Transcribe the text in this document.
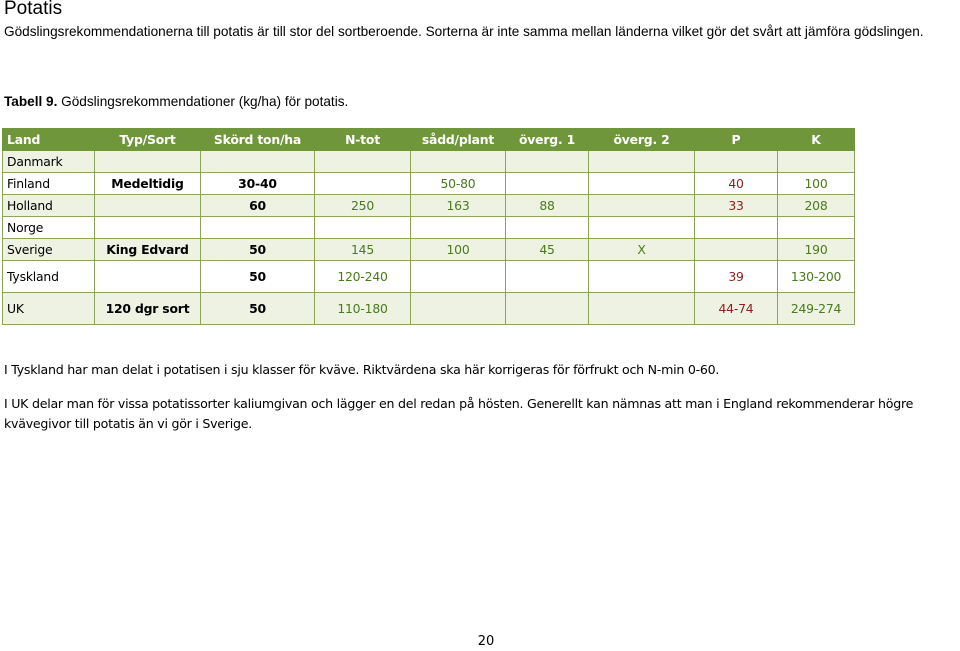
Potatis
Gödslingsrekommendationerna till potatis är till stor del sortberoende. Sorterna är inte samma mellan länderna vilket gör det svårt att jämföra gödslingen.
Tabell 9. Gödslingsrekommendationer (kg/ha) för potatis.
Land	Typ/Sort	Skörd ton/ha	N-tot	sådd/plant	överg. 1	överg. 2	P	K
Danmark								
Finland	Medeltidig	30-40		50-80			40	100
Holland		60	250	163	88		33	208
Norge								
Sverige	King Edvard	50	145	100	45	X		190
Tyskland		50	120-240				39	130-200
UK	120 dgr sort	50	110-180				44-74	249-274
I Tyskland har man delat i potatisen i sju klasser för kväve. Riktvärdena ska här korrigeras för förfrukt och N-min 0-60.
I UK delar man för vissa potatissorter kaliumgivan och lägger en del redan på hösten. Generellt kan nämnas att man i England rekommenderar högre kvävegivor till potatis än vi gör i Sverige.
20
